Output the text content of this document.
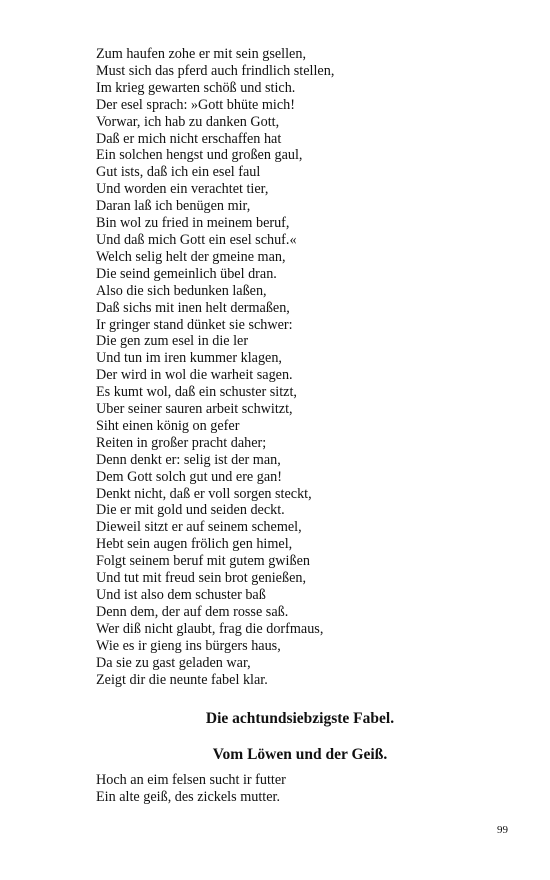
Zum haufen zohe er mit sein gsellen,
Must sich das pferd auch frindlich stellen,
Im krieg gewarten schöß und stich.
Der esel sprach: »Gott bhüte mich!
Vorwar, ich hab zu danken Gott,
Daß er mich nicht erschaffen hat
Ein solchen hengst und großen gaul,
Gut ists, daß ich ein esel faul
Und worden ein verachtet tier,
Daran laß ich benügen mir,
Bin wol zu fried in meinem beruf,
Und daß mich Gott ein esel schuf.«
Welch selig helt der gmeine man,
Die seind gemeinlich übel dran.
Also die sich bedunken laßen,
Daß sichs mit inen helt dermaßen,
Ir gringer stand dünket sie schwer:
Die gen zum esel in die ler
Und tun im iren kummer klagen,
Der wird in wol die warheit sagen.
Es kumt wol, daß ein schuster sitzt,
Uber seiner sauren arbeit schwitzt,
Siht einen könig on gefer
Reiten in großer pracht daher;
Denn denkt er: selig ist der man,
Dem Gott solch gut und ere gan!
Denkt nicht, daß er voll sorgen steckt,
Die er mit gold und seiden deckt.
Dieweil sitzt er auf seinem schemel,
Hebt sein augen frölich gen himel,
Folgt seinem beruf mit gutem gwißen
Und tut mit freud sein brot genießen,
Und ist also dem schuster baß
Denn dem, der auf dem rosse saß.
Wer diß nicht glaubt, frag die dorfmaus,
Wie es ir gieng ins bürgers haus,
Da sie zu gast geladen war,
Zeigt dir die neunte fabel klar.
Die achtundsiebzigste Fabel.
Vom Löwen und der Geiß.
Hoch an eim felsen sucht ir futter
Ein alte geiß, des zickels mutter.
99
